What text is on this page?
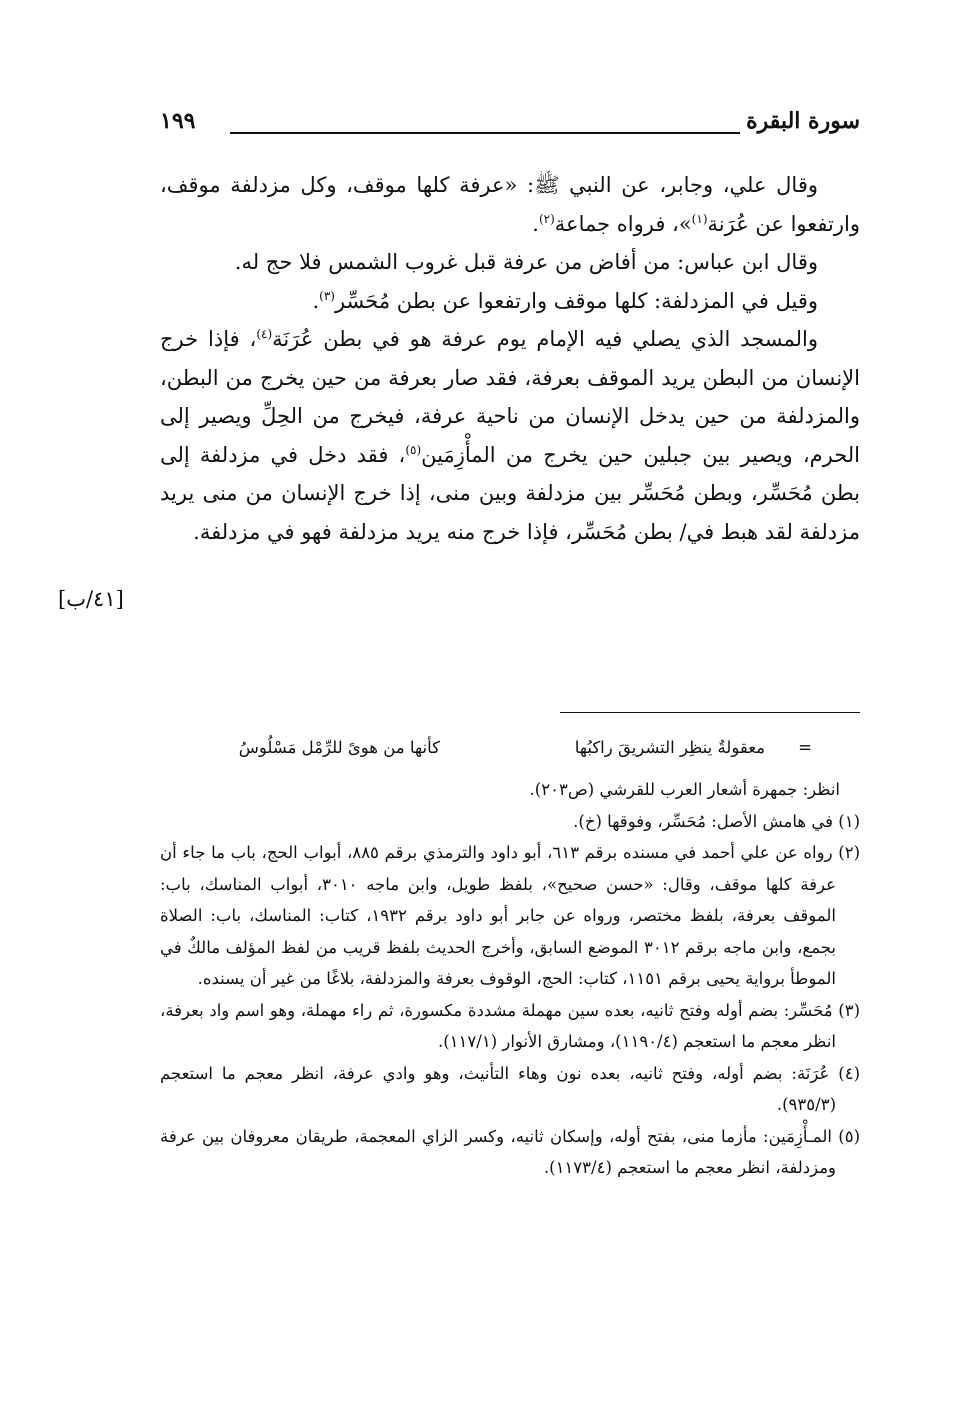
سورة البقرة
١٩٩

وقال علي، وجابر، عن النبي ﷺ: «عرفة كلها موقف، وكل مزدلفة موقف، وارتفعوا عن عُرَنة$^{(١)}$»، فرواه جماعة$^{(٢)}$.

وقال ابن عباس: من أفاض من عرفة قبل غروب الشمس فلا حج له.

وقيل في المزدلفة: كلها موقف وارتفعوا عن بطن مُحَسِّر$^{(٣)}$.

والمسجد الذي يصلي فيه الإمام يوم عرفة هو في بطن عُرَنَة$^{(٤)}$، فإذا خرج الإنسان من البطن يريد الموقف بعرفة، فقد صار بعرفة من حين يخرج من البطن، والمزدلفة من حين يدخل الإنسان من ناحية عرفة، فيخرج من الحِلِّ ويصير إلى الحرم، ويصير بين جبلين حين يخرج من المأْزِمَين$^{(٥)}$، فقد دخل في مزدلفة إلى بطن مُحَسِّر، وبطن مُحَسِّر بين مزدلفة وبين منى، إذا خرج الإنسان من منى يريد مزدلفة لقد هبط في/ بطن مُحَسِّر، فإذا خرج منه يريد مزدلفة فهو في مزدلفة.

[٤١/ب]
=
معقولةٌ ينظِر التشريقَ راكبُها
كأنها من هوىً للرِّمْل مَسْلُوسُ

انظر: جمهرة أشعار العرب للقرشي (ص٢٠٣).

(١) في هامش الأصل: مُحَسِّر، وفوقها (خ).

(٢) رواه عن علي أحمد في مسنده برقم ٦١٣، أبو داود والترمذي برقم ٨٨٥، أبواب الحج، باب ما جاء أن عرفة كلها موقف، وقال: «حسن صحيح»، بلفظ طويل، وابن ماجه ٣٠١٠، أبواب المناسك، باب: الموقف بعرفة، بلفظ مختصر، ورواه عن جابر أبو داود برقم ١٩٣٢، كتاب: المناسك، باب: الصلاة بجمع، وابن ماجه برقم ٣٠١٢ الموضع السابق، وأخرج الحديث بلفظ قريب من لفظ المؤلف مالكٌ في الموطأ برواية يحيى برقم ١١٥١، كتاب: الحج، الوقوف بعرفة والمزدلفة، بلاغًا من غير أن يسنده.

(٣) مُحَسِّر: بضم أوله وفتح ثانيه، بعده سين مهملة مشددة مكسورة، ثم راء مهملة، وهو اسم واد بعرفة، انظر معجم ما استعجم (١١٩٠/٤)، ومشارق الأنوار (١١٧/١).

(٤) عُرَنَة: بضم أوله، وفتح ثانيه، بعده نون وهاء التأنيث، وهو وادي عرفة، انظر معجم ما استعجم (٩٣٥/٣).

(٥) المـأْزِمَين: مأزما منى، بفتح أوله، وإسكان ثانيه، وكسر الزاي المعجمة، طريقان معروفان بين عرفة ومزدلفة، انظر معجم ما استعجم (١١٧٣/٤).
